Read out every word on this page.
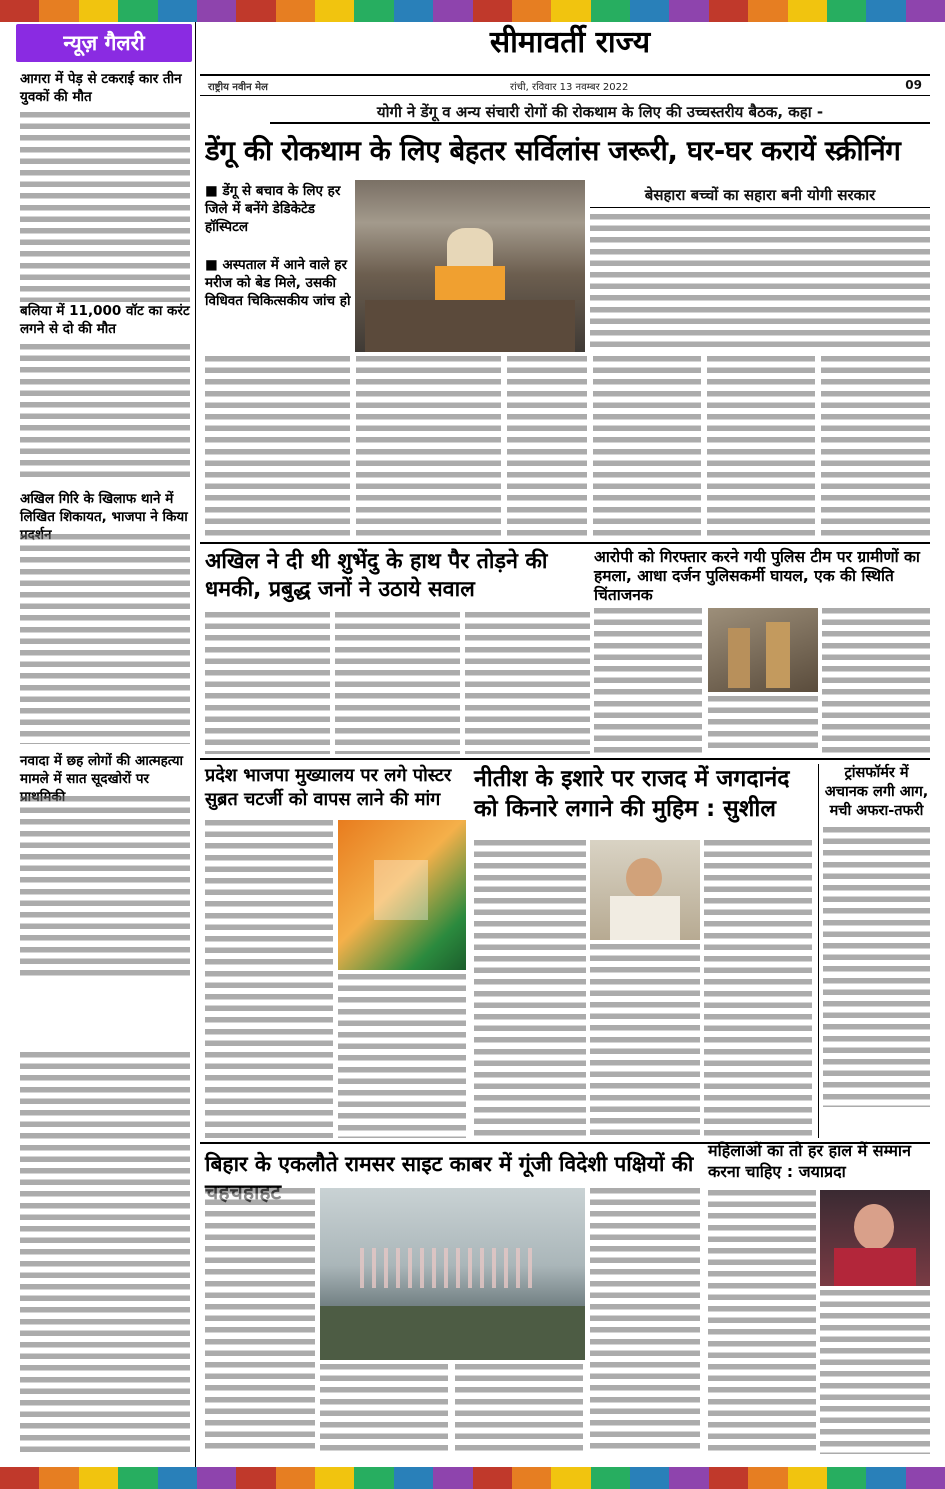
न्यूज़ गैलरी
आगरा में पेड़ से टकराई कार तीन युवकों की मौत
बलिया में 11,000 वॉट का करंट लगने से दो की मौत
अखिल गिरि के खिलाफ थाने में लिखित शिकायत, भाजपा ने किया
नवादा में छह लोगों की आत्महत्या मामले में सात सूदखोरों पर
सीमावर्ती राज्य
राष्ट्रीय नवीन मेल	रांची, रविवार 13 नवम्बर 2022	09
योगी ने डेंगू व अन्य संचारी रोगों की रोकथाम के लिए की उच्चस्तरीय बैठक, कहा -
डेंगू की रोकथाम के लिए बेहतर सर्विलांस जरूरी, घर-घर करायें स्क्रीनिंग
■ डेंगू से बचाव के लिए हर जिले में बनेंगे डेडिकेटेड हॉस्पिटल
■ अस्पताल में आने वाले हर मरीज को बेड मिले, उसकी विधिवत चिकित्सकीय जांच हो
बेसहारा बच्चों का सहारा बनी योगी सरकार
अखिल ने दी थी शुभेंदु के हाथ पैर तोड़ने की धमकी, प्रबुद्ध जनों ने उठाये सवाल
आरोपी को गिरफ्तार करने गयी पुलिस टीम पर ग्रामीणों का हमला, आधा दर्जन पुलिसकर्मी घायल, एक की स्थिति चिंताजनक
प्रदेश भाजपा मुख्यालय पर लगे पोस्टर सुब्रत चटर्जी को वापस लाने की मांग
नीतीश के इशारे पर राजद में जगदानंद को किनारे लगाने की मुहिम : सुशील
ट्रांसफॉर्मर में अचानक लगी आग, मची अफरा-तफरी
बिहार के एकलौते रामसर साइट काबर में गूंजी विदेशी पक्षियों की
महिलाओं का तो हर हाल में सम्मान करना चाहिए : जयाप्रदा
